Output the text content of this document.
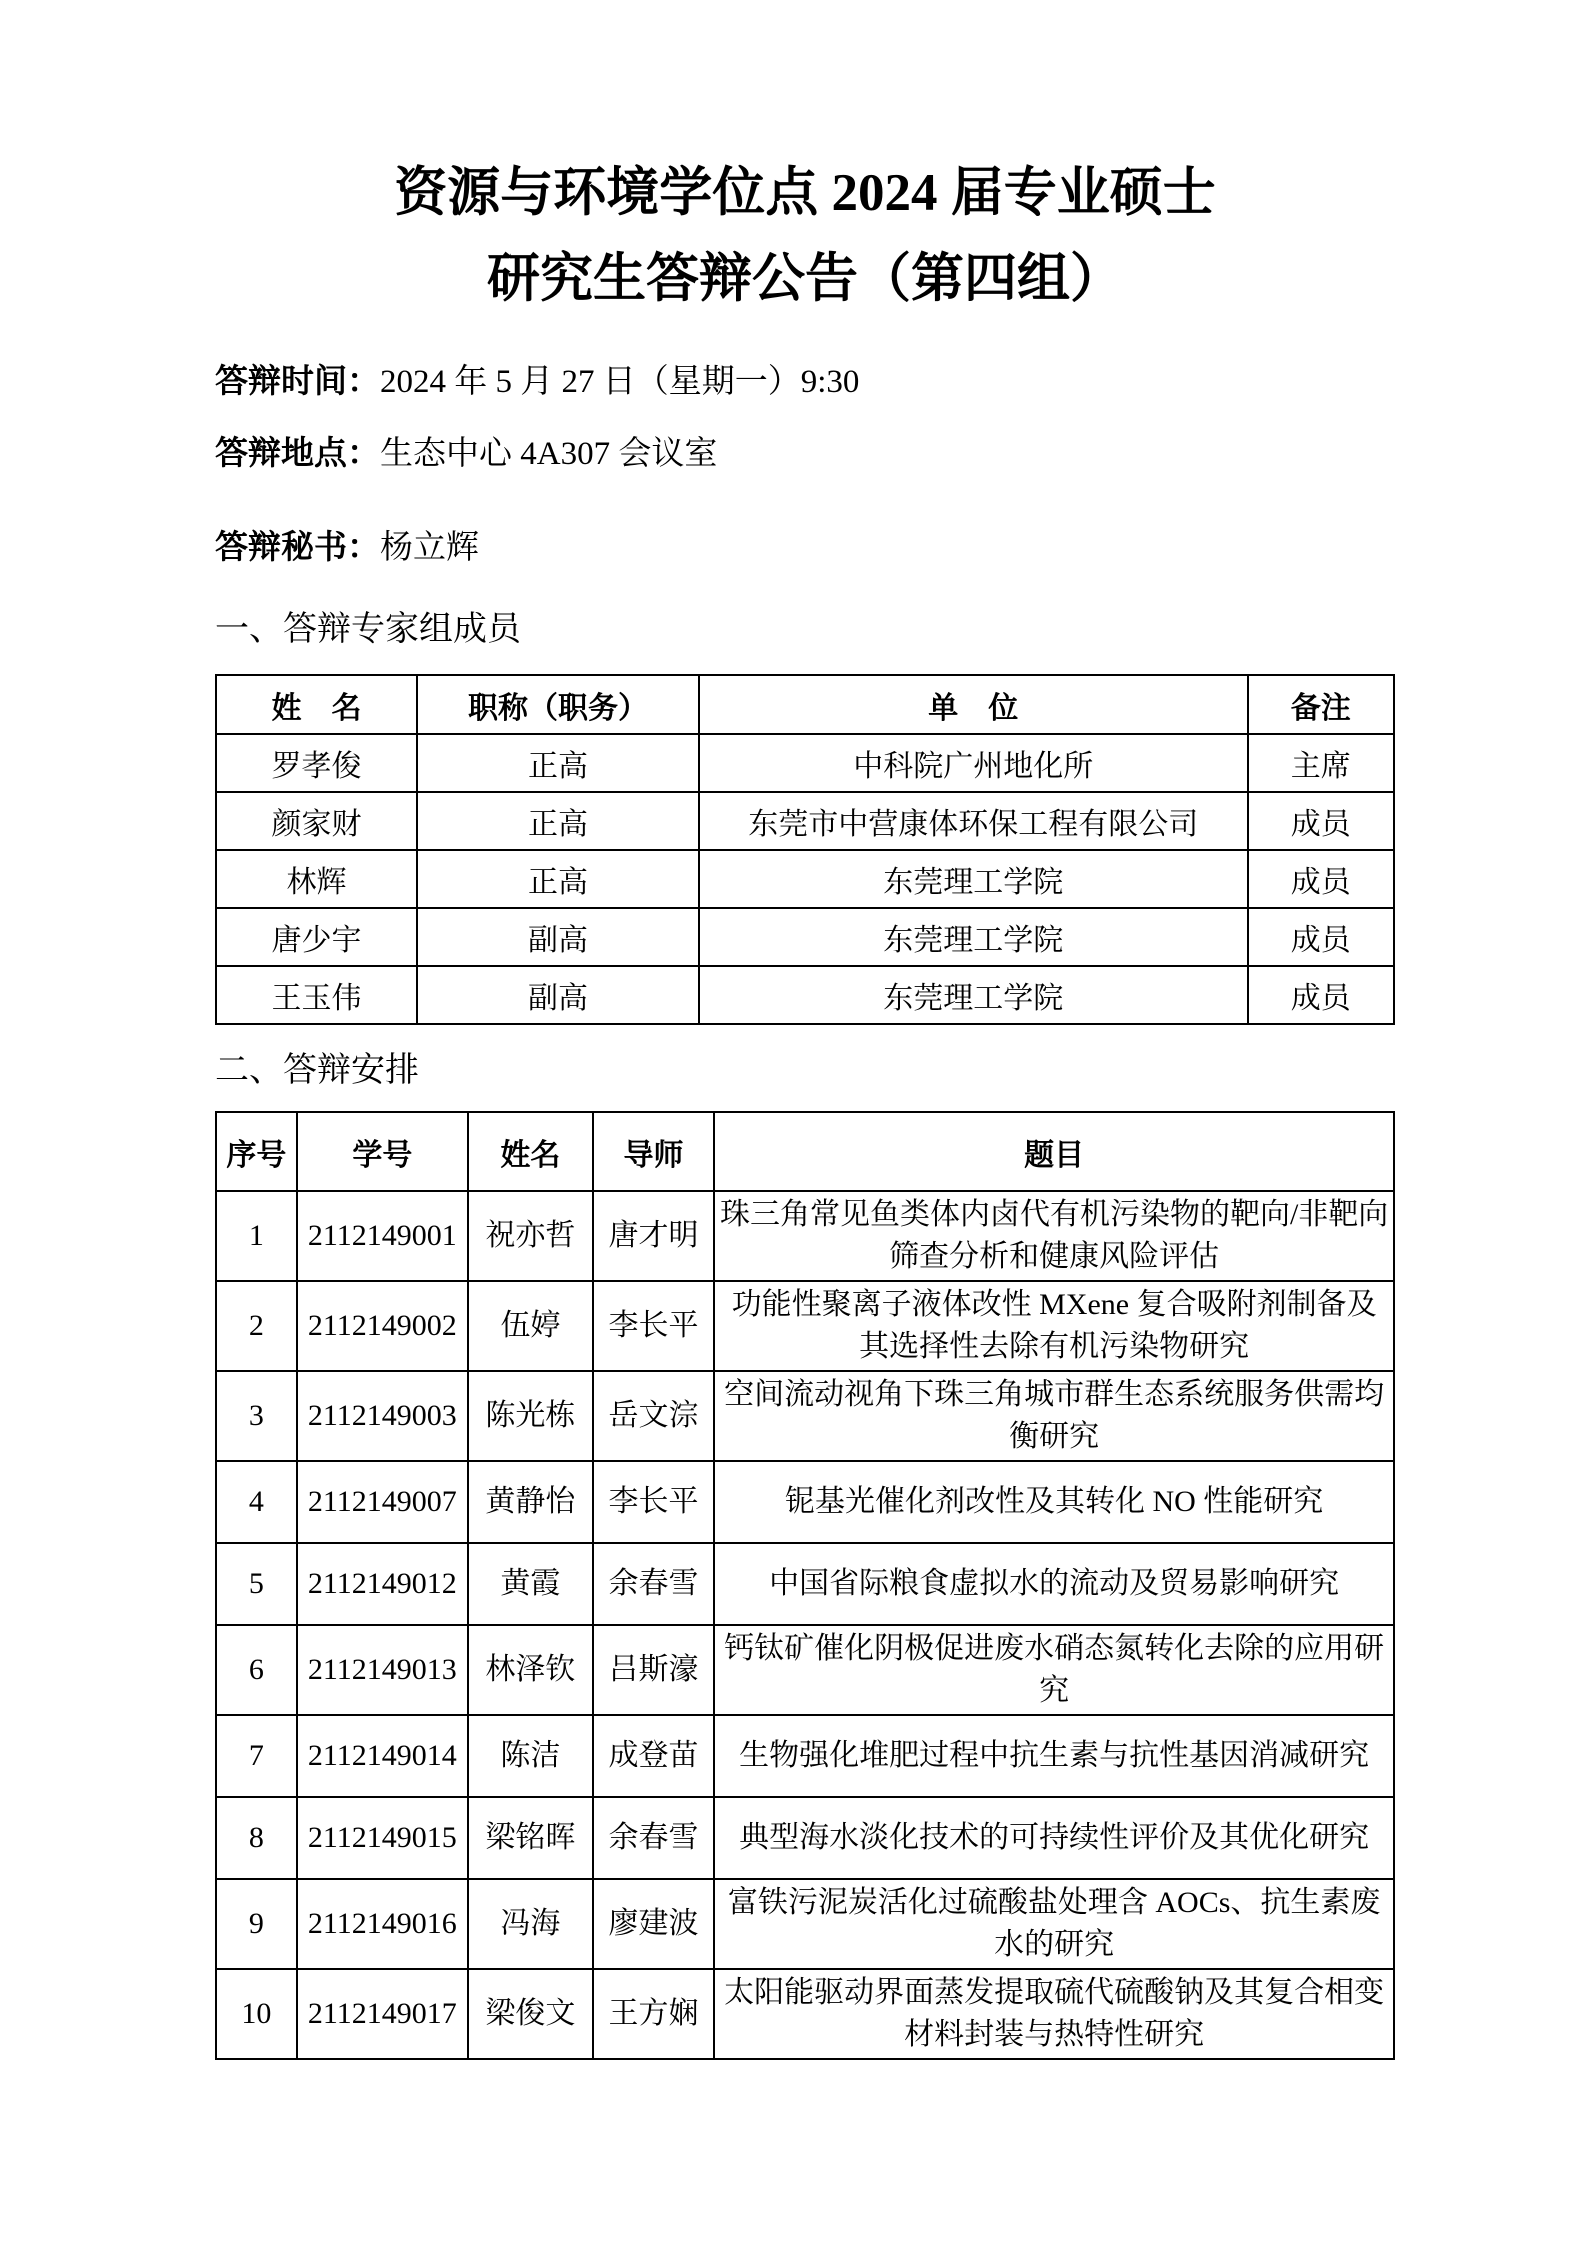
资源与环境学位点 2024 届专业硕士
研究生答辩公告（第四组）
答辩时间：2024 年 5 月 27 日（星期一）9:30
答辩地点：生态中心 4A307 会议室
答辩秘书：杨立辉
一、答辩专家组成员
姓　名	职称（职务）	单　位	备注
罗孝俊	正高	中科院广州地化所	主席
颜家财	正高	东莞市中营康体环保工程有限公司	成员
林辉	正高	东莞理工学院	成员
唐少宇	副高	东莞理工学院	成员
王玉伟	副高	东莞理工学院	成员
二、答辩安排
序号	学号	姓名	导师	题目
1	2112149001	祝亦哲	唐才明	珠三角常见鱼类体内卤代有机污染物的靶向/非靶向筛查分析和健康风险评估
2	2112149002	伍婷	李长平	功能性聚离子液体改性 MXene 复合吸附剂制备及其选择性去除有机污染物研究
3	2112149003	陈光栋	岳文淙	空间流动视角下珠三角城市群生态系统服务供需均衡研究
4	2112149007	黄静怡	李长平	铌基光催化剂改性及其转化 NO 性能研究
5	2112149012	黄霞	余春雪	中国省际粮食虚拟水的流动及贸易影响研究
6	2112149013	林泽钦	吕斯濠	钙钛矿催化阴极促进废水硝态氮转化去除的应用研究
7	2112149014	陈洁	成登苗	生物强化堆肥过程中抗生素与抗性基因消减研究
8	2112149015	梁铭晖	余春雪	典型海水淡化技术的可持续性评价及其优化研究
9	2112149016	冯海	廖建波	富铁污泥炭活化过硫酸盐处理含 AOCs、抗生素废水的研究
10	2112149017	梁俊文	王方娴	太阳能驱动界面蒸发提取硫代硫酸钠及其复合相变材料封装与热特性研究
